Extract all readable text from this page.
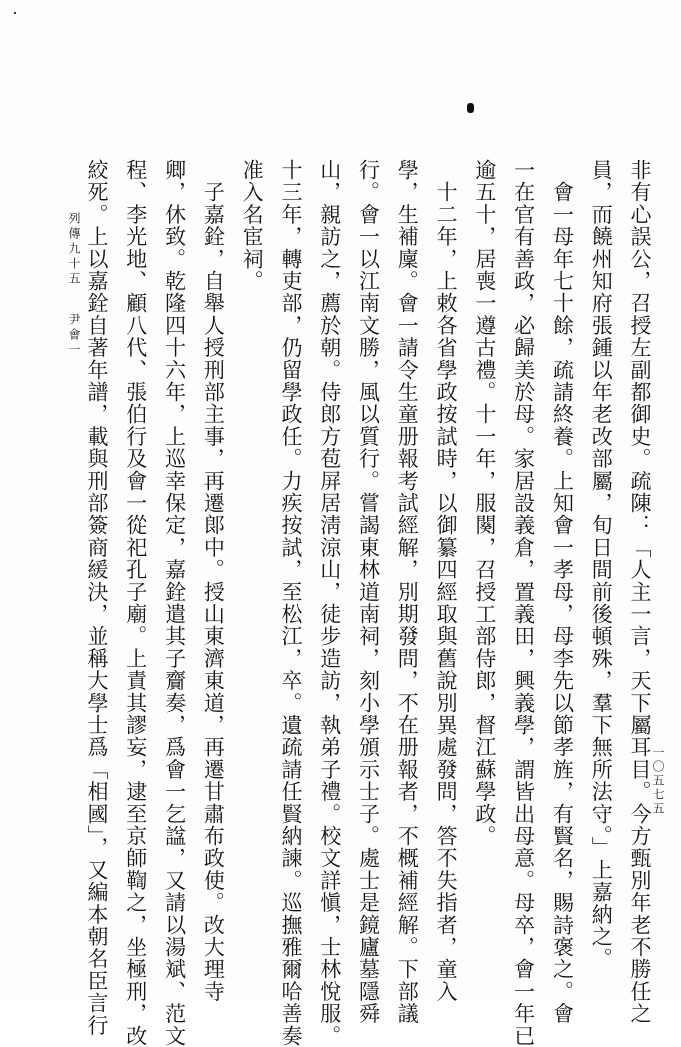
非有心誤公，召授左副都御史。疏陳：「人主一言，天下屬耳目。今方甄別年老不勝任之
員，而饒州知府張鍾以年老改部屬，旬日間前後頓殊，羣下無所法守。」上嘉納之。
　會一母年七十餘，疏請終養。上知會一孝母，母李先以節孝旌，有賢名，賜詩褒之。會
一在官有善政，必歸美於母。家居設義倉，置義田，興義學，謂皆出母意。母卒，會一年已
逾五十，居喪一遵古禮。十一年，服闋，召授工部侍郎，督江蘇學政。
　十二年，上敕各省學政按試時，以御纂四經取與舊說別異處發問，答不失指者，童入
學，生補廩。會一請令生童册報考試經解，別期發問，不在册報者，不概補經解。下部議
行。會一以江南文勝，風以質行。嘗謁東林道南祠，刻小學頒示士子。處士是鏡廬墓隱舜
山，親訪之，薦於朝。侍郎方苞屏居淸涼山，徒步造訪，執弟子禮。校文詳愼，士林悅服。
十三年，轉吏部，仍留學政任。力疾按試，至松江，卒。遺疏請任賢納諫。巡撫雅爾哈善奏
准入名宦祠。
　子嘉銓，自舉人授刑部主事，再遷郞中。授山東濟東道，再遷甘肅布政使。改大理寺
卿，休致。乾隆四十六年，上巡幸保定，嘉銓遣其子齎奏，爲會一乞諡，又請以湯斌、范文
程、李光地、顧八代、張伯行及會一從祀孔子廟。上責其謬妄，逮至京師鞫之，坐極刑，改
絞死。上以嘉銓自著年譜，載與刑部簽商緩決，並稱大學士爲「相國」，又編本朝名臣言行
列傳九十五
尹會一
一〇五七五
